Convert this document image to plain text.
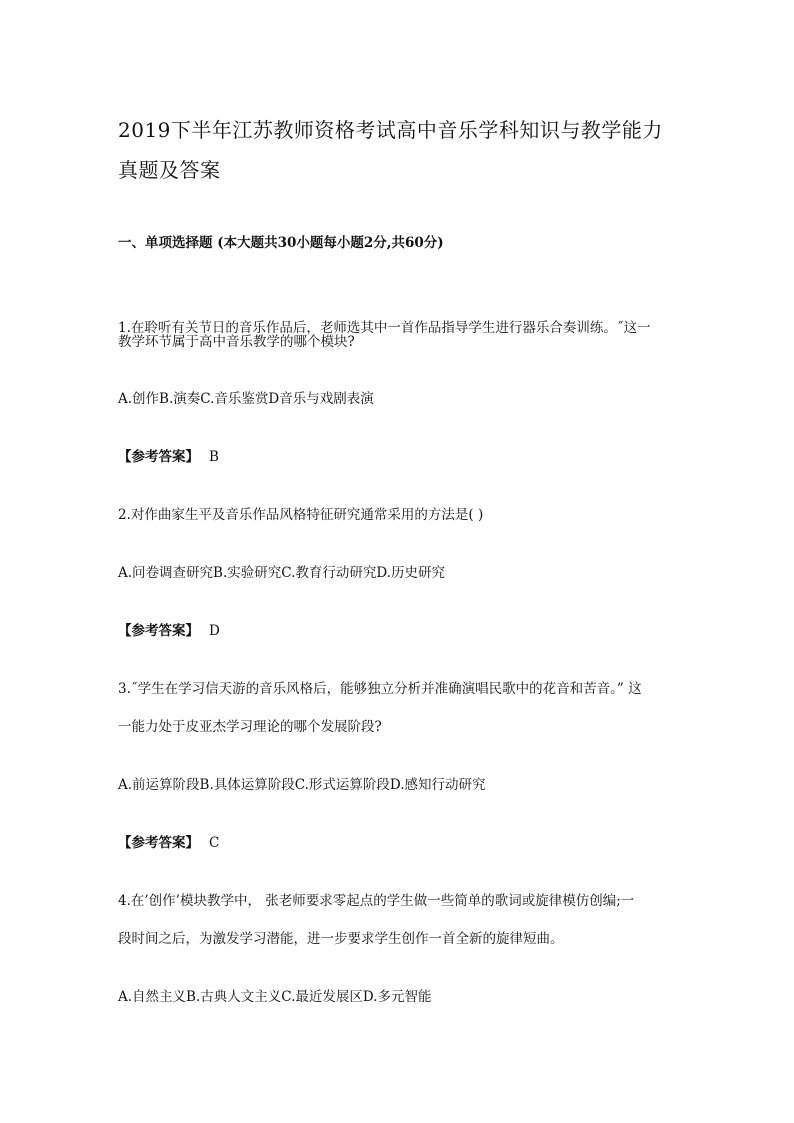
2019下半年江苏教师资格考试高中音乐学科知识与教学能力真题及答案
一、单项选择题 (本大题共30小题每小题2分,共60分)
1.在聆听有关节日的音乐作品后，老师选其中一首作品指导学生进行器乐合奏训练。˝这一
教学环节属于高中音乐教学的哪个模块?
A.创作B.演奏C.音乐鉴赏D音乐与戏剧表演
【参考答案】 B
2.对作曲家生平及音乐作品风格特征研究通常采用的方法是( )
A.问卷调查研究B.实验研究C.教育行动研究D.历史研究
【参考答案】 D
3.˝学生在学习信天游的音乐风格后，能够独立分析并准确演唱民歌中的花音和苦音。” 这
一能力处于皮亚杰学习理论的哪个发展阶段?
A.前运算阶段B.具体运算阶段C.形式运算阶段D.感知行动研究
【参考答案】 C
4.在’创作’模块教学中， 张老师要求零起点的学生做一些简单的歌词或旋律模仿创编;一
段时间之后，为激发学习潜能，进一步要求学生创作一首全新的旋律短曲。
A.自然主义B.古典人文主义C.最近发展区D.多元智能
